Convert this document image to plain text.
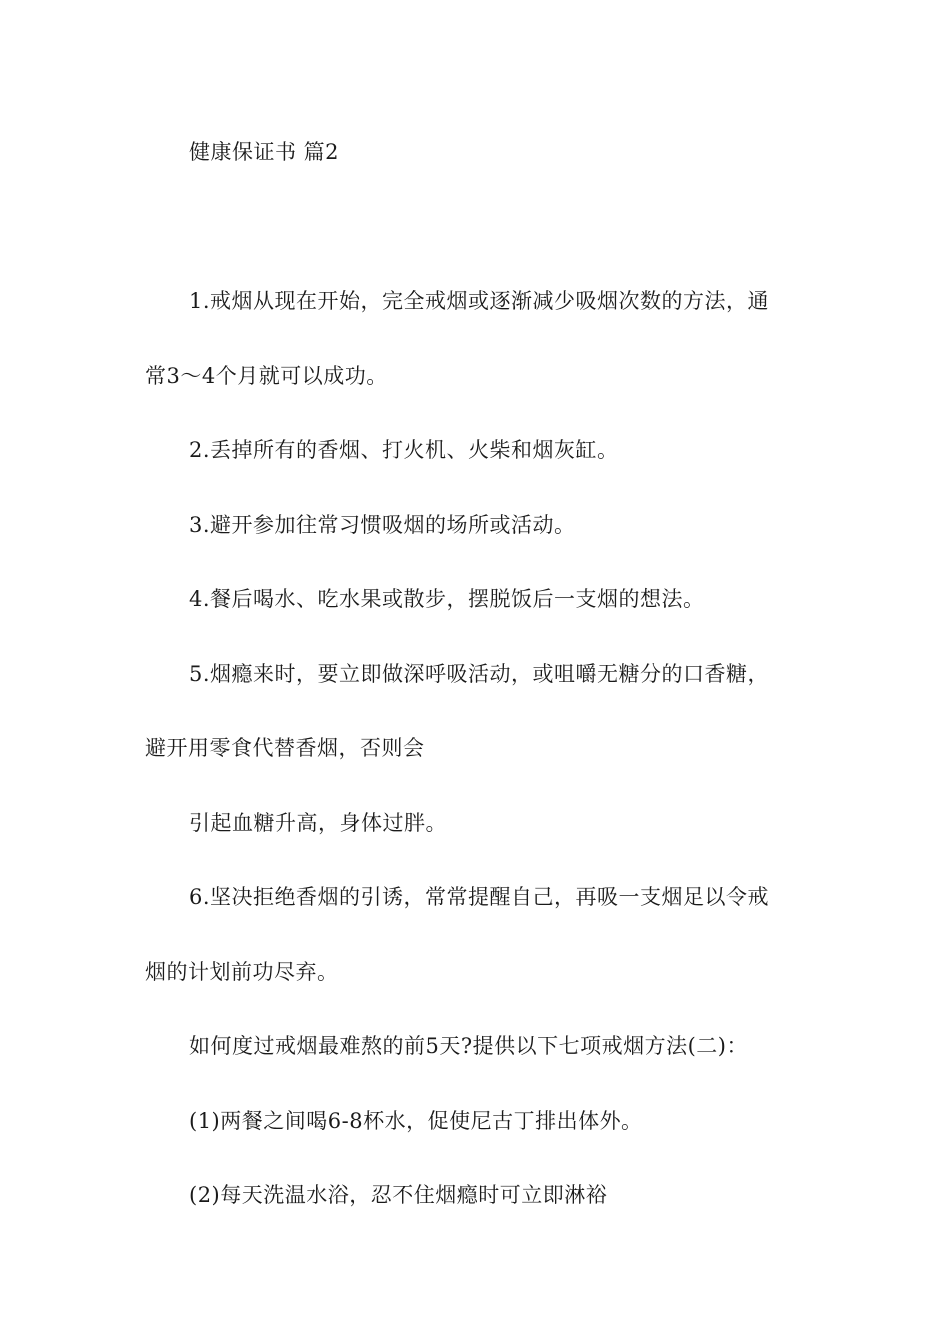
健康保证书 篇2
1.戒烟从现在开始，完全戒烟或逐渐减少吸烟次数的方法，通
常3～4个月就可以成功。
2.丢掉所有的香烟、打火机、火柴和烟灰缸。
3.避开参加往常习惯吸烟的场所或活动。
4.餐后喝水、吃水果或散步，摆脱饭后一支烟的想法。
5.烟瘾来时，要立即做深呼吸活动，或咀嚼无糖分的口香糖，
避开用零食代替香烟，否则会
引起血糖升高，身体过胖。
6.坚决拒绝香烟的引诱，常常提醒自己，再吸一支烟足以令戒
烟的计划前功尽弃。
如何度过戒烟最难熬的前5天?提供以下七项戒烟方法(二)：
(1)两餐之间喝6-8杯水，促使尼古丁排出体外。
(2)每天洗温水浴，忍不住烟瘾时可立即淋裕
